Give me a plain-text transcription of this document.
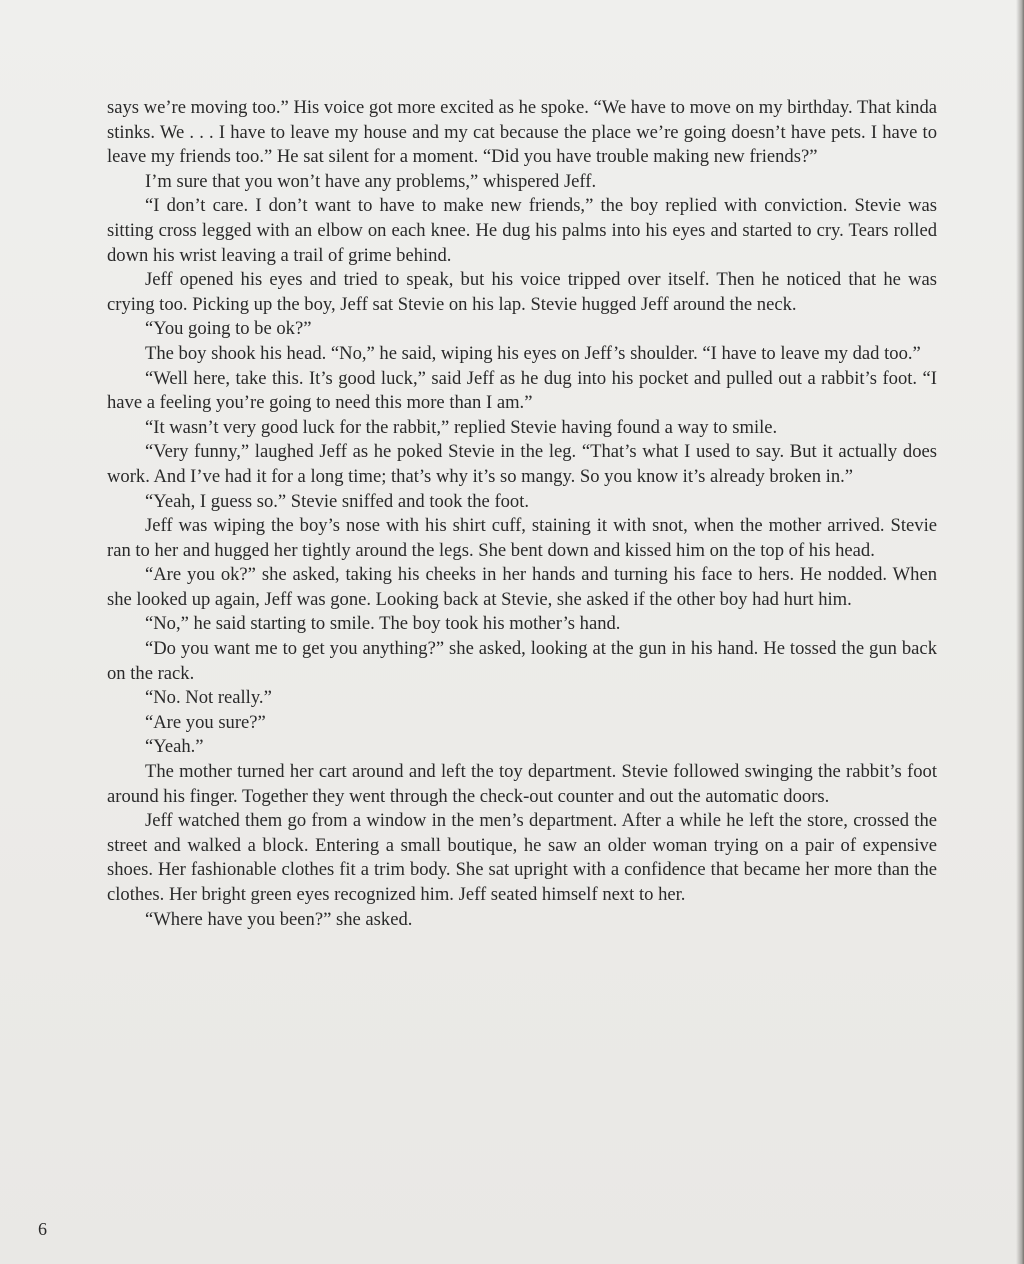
says we’re moving too.” His voice got more excited as he spoke. “We have to move on my birthday. That kinda stinks. We . . . I have to leave my house and my cat because the place we’re going doesn’t have pets. I have to leave my friends too.” He sat silent for a moment. “Did you have trouble making new friends?”

I’m sure that you won’t have any problems,” whispered Jeff.

“I don’t care. I don’t want to have to make new friends,” the boy replied with conviction. Stevie was sitting cross legged with an elbow on each knee. He dug his palms into his eyes and started to cry. Tears rolled down his wrist leaving a trail of grime behind.

Jeff opened his eyes and tried to speak, but his voice tripped over itself. Then he noticed that he was crying too. Picking up the boy, Jeff sat Stevie on his lap. Stevie hugged Jeff around the neck.

“You going to be ok?”

The boy shook his head. “No,” he said, wiping his eyes on Jeff’s shoulder. “I have to leave my dad too.”

“Well here, take this. It’s good luck,” said Jeff as he dug into his pocket and pulled out a rabbit’s foot. “I have a feeling you’re going to need this more than I am.”

“It wasn’t very good luck for the rabbit,” replied Stevie having found a way to smile.

“Very funny,” laughed Jeff as he poked Stevie in the leg. “That’s what I used to say. But it actually does work. And I’ve had it for a long time; that’s why it’s so mangy. So you know it’s already broken in.”

“Yeah, I guess so.” Stevie sniffed and took the foot.

Jeff was wiping the boy’s nose with his shirt cuff, staining it with snot, when the mother arrived. Stevie ran to her and hugged her tightly around the legs. She bent down and kissed him on the top of his head.

“Are you ok?” she asked, taking his cheeks in her hands and turning his face to hers. He nodded. When she looked up again, Jeff was gone. Looking back at Stevie, she asked if the other boy had hurt him.

“No,” he said starting to smile. The boy took his mother’s hand.

“Do you want me to get you anything?” she asked, looking at the gun in his hand. He tossed the gun back on the rack.

“No. Not really.”

“Are you sure?”

“Yeah.”

The mother turned her cart around and left the toy department. Stevie followed swinging the rabbit’s foot around his finger. Together they went through the check-out counter and out the automatic doors.

Jeff watched them go from a window in the men’s department. After a while he left the store, crossed the street and walked a block. Entering a small boutique, he saw an older woman trying on a pair of expensive shoes. Her fashionable clothes fit a trim body. She sat upright with a confidence that became her more than the clothes. Her bright green eyes recognized him. Jeff seated himself next to her.

“Where have you been?” she asked.

6
